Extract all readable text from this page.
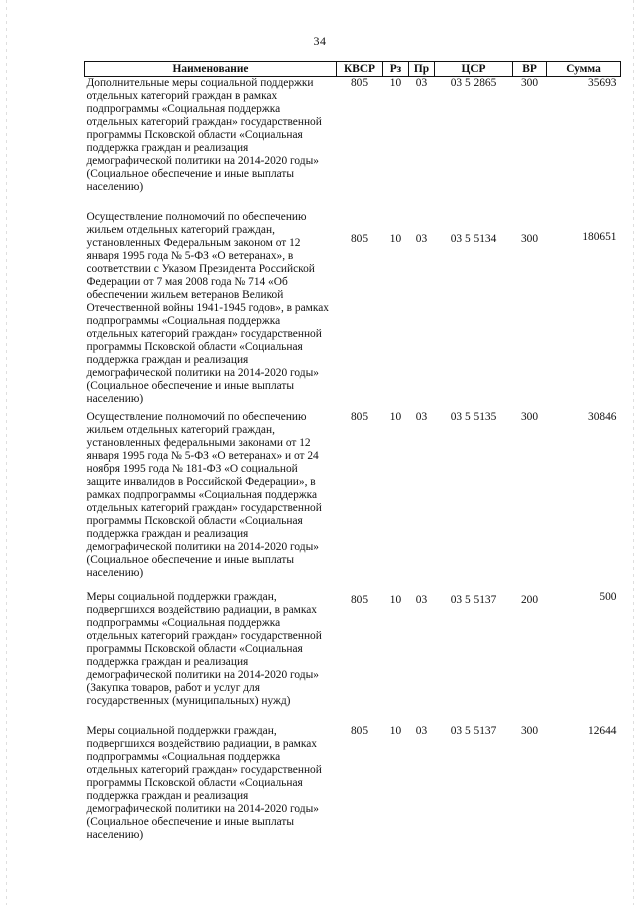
34
Наименование	КВСР	Рз	Пр	ЦСР	ВР	Сумма
Дополнительные меры социальной поддержки отдельных категорий граждан в рамках подпрограммы «Социальная поддержка отдельных категорий граждан» государственной программы Псковской области «Социальная поддержка граждан и реализация демографической политики на 2014-2020 годы» (Социальное обеспечение и иные выплаты населению)	805	10	03	03 5 2865	300	35693
Осуществление полномочий по обеспечению жильем отдельных категорий граждан, установленных Федеральным законом от 12 января 1995 года № 5-ФЗ «О ветеранах», в соответствии с Указом Президента Российской Федерации от 7 мая 2008 года № 714 «Об обеспечении жильем ветеранов Великой Отечественной войны 1941-1945 годов», в рамках подпрограммы «Социальная поддержка отдельных категорий граждан» государственной программы Псковской области «Социальная поддержка граждан и реализация демографической политики на 2014-2020 годы» (Социальное обеспечение и иные выплаты населению)	805	10	03	03 5 5134	300	180651
Осуществление полномочий по обеспечению жильем отдельных категорий граждан, установленных федеральными законами от 12 января 1995 года № 5-ФЗ «О ветеранах» и от 24 ноября 1995 года № 181-ФЗ «О социальной защите инвалидов в Российской Федерации», в рамках подпрограммы «Социальная поддержка отдельных категорий граждан» государственной программы Псковской области «Социальная поддержка граждан и реализация демографической политики на 2014-2020 годы» (Социальное обеспечение и иные выплаты населению)	805	10	03	03 5 5135	300	30846
Меры социальной поддержки граждан, подвергшихся воздействию радиации, в рамках подпрограммы «Социальная поддержка отдельных категорий граждан» государственной программы Псковской области «Социальная поддержка граждан и реализация демографической политики на 2014-2020 годы» (Закупка товаров, работ и услуг для государственных (муниципальных) нужд)	805	10	03	03 5 5137	200	500
Меры социальной поддержки граждан, подвергшихся воздействию радиации, в рамках подпрограммы «Социальная поддержка отдельных категорий граждан» государственной программы Псковской области «Социальная поддержка граждан и реализация демографической политики на 2014-2020 годы» (Социальное обеспечение и иные выплаты населению)	805	10	03	03 5 5137	300	12644
